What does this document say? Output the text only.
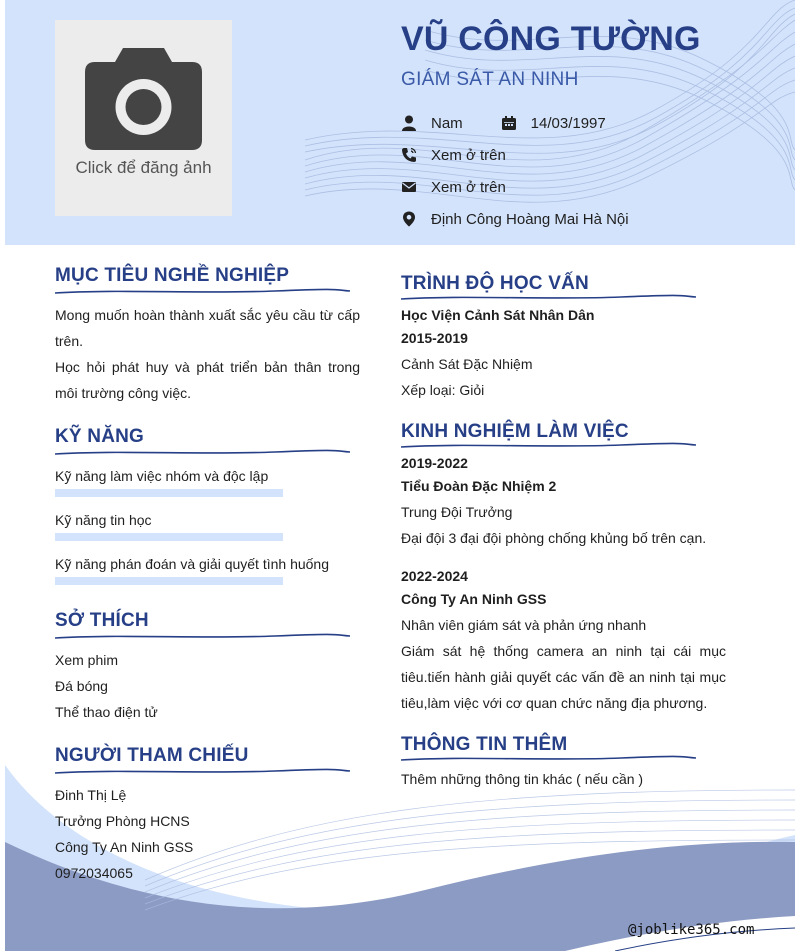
Click để đăng ảnh
VŨ CÔNG TƯỜNG
GIÁM SÁT AN NINH
Nam	14/03/1997
Xem ở trên
Xem ở trên
Định Công Hoàng Mai Hà Nội
MỤC TIÊU NGHỀ NGHIỆP
Mong muốn hoàn thành xuất sắc yêu cầu từ cấp trên.
Học hỏi phát huy và phát triển bản thân trong môi trường công việc.
KỸ NĂNG
Kỹ năng làm việc nhóm và độc lập
Kỹ năng tin học
Kỹ năng phán đoán và giải quyết tình huống
SỞ THÍCH
Xem phim
Đá bóng
Thể thao điện tử
NGƯỜI THAM CHIẾU
Đinh Thị Lệ
Trưởng Phòng HCNS
Công Ty An Ninh GSS
0972034065
TRÌNH ĐỘ HỌC VẤN
Học Viện Cảnh Sát Nhân Dân
2015-2019
Cảnh Sát Đặc Nhiệm
Xếp loại: Giỏi
KINH NGHIỆM LÀM VIỆC
2019-2022
Tiểu Đoàn Đặc Nhiệm 2
Trung Đội Trưởng
Đại đội 3 đại đội phòng chống khủng bố trên cạn.
2022-2024
Công Ty An Ninh GSS
Nhân viên giám sát và phản ứng nhanh
Giám sát hệ thống camera an ninh tại cái mục tiêu.tiến hành giải quyết các vấn đề an ninh tại mục tiêu,làm việc với cơ quan chức năng địa phương.
THÔNG TIN THÊM
Thêm những thông tin khác ( nếu cần )
@joblike365.com
